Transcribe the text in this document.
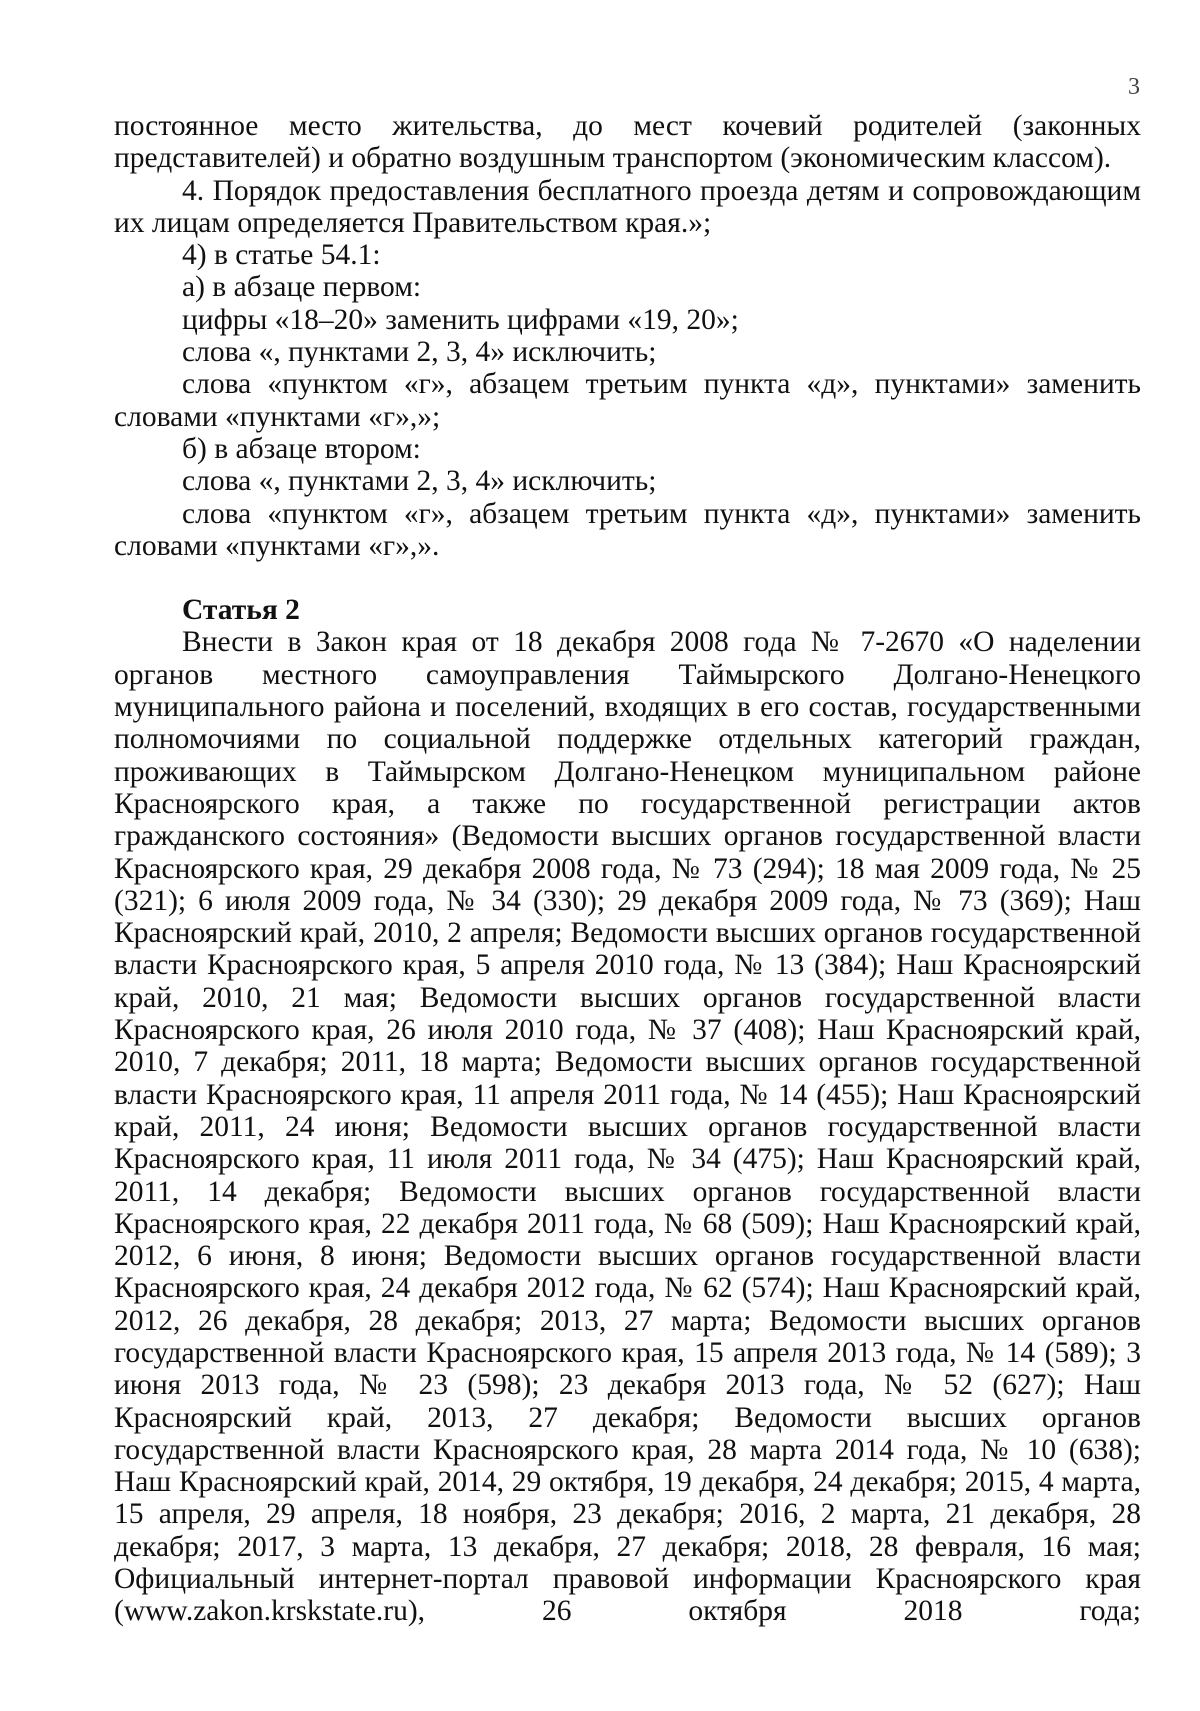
3

постоянное место жительства, до мест кочевий родителей (законных представителей) и обратно воздушным транспортом (экономическим классом).

4. Порядок предоставления бесплатного проезда детям и сопровождающим их лицам определяется Правительством края.»;

4) в статье 54.1:

а) в абзаце первом:

цифры «18–20» заменить цифрами «19, 20»;

слова «, пунктами 2, 3, 4» исключить;

слова «пунктом «г», абзацем третьим пункта «д», пунктами» заменить словами «пунктами «г»,»;

б) в абзаце втором:

слова «, пунктами 2, 3, 4» исключить;

слова «пунктом «г», абзацем третьим пункта «д», пунктами» заменить словами «пунктами «г»,».

Статья 2

Внести в Закон края от 18 декабря 2008 года № 7-2670 «О наделении органов местного самоуправления Таймырского Долгано-Ненецкого муниципального района и поселений, входящих в его состав, государственными полномочиями по социальной поддержке отдельных категорий граждан, проживающих в Таймырском Долгано-Ненецком муниципальном районе Красноярского края, а также по государственной регистрации актов гражданского состояния» (Ведомости высших органов государственной власти Красноярского края, 29 декабря 2008 года, № 73 (294); 18 мая 2009 года, № 25 (321); 6 июля 2009 года, № 34 (330); 29 декабря 2009 года, № 73 (369); Наш Красноярский край, 2010, 2 апреля; Ведомости высших органов государственной власти Красноярского края, 5 апреля 2010 года, № 13 (384); Наш Красноярский край, 2010, 21 мая; Ведомости высших органов государственной власти Красноярского края, 26 июля 2010 года, № 37 (408); Наш Красноярский край, 2010, 7 декабря; 2011, 18 марта; Ведомости высших органов государственной власти Красноярского края, 11 апреля 2011 года, № 14 (455); Наш Красноярский край, 2011, 24 июня; Ведомости высших органов государственной власти Красноярского края, 11 июля 2011 года, № 34 (475); Наш Красноярский край, 2011, 14 декабря; Ведомости высших органов государственной власти Красноярского края, 22 декабря 2011 года, № 68 (509); Наш Красноярский край, 2012, 6 июня, 8 июня; Ведомости высших органов государственной власти Красноярского края, 24 декабря 2012 года, № 62 (574); Наш Красноярский край, 2012, 26 декабря, 28 декабря; 2013, 27 марта; Ведомости высших органов государственной власти Красноярского края, 15 апреля 2013 года, № 14 (589); 3 июня 2013 года, № 23 (598); 23 декабря 2013 года, № 52 (627); Наш Красноярский край, 2013, 27 декабря; Ведомости высших органов государственной власти Красноярского края, 28 марта 2014 года, № 10 (638); Наш Красноярский край, 2014, 29 октября, 19 декабря, 24 декабря; 2015, 4 марта, 15 апреля, 29 апреля, 18 ноября, 23 декабря; 2016, 2 марта, 21 декабря, 28 декабря; 2017, 3 марта, 13 декабря, 27 декабря; 2018, 28 февраля, 16 мая; Официальный интернет-портал правовой информации Красноярского края (www.zakon.krskstate.ru), 26 октября 2018 года;
